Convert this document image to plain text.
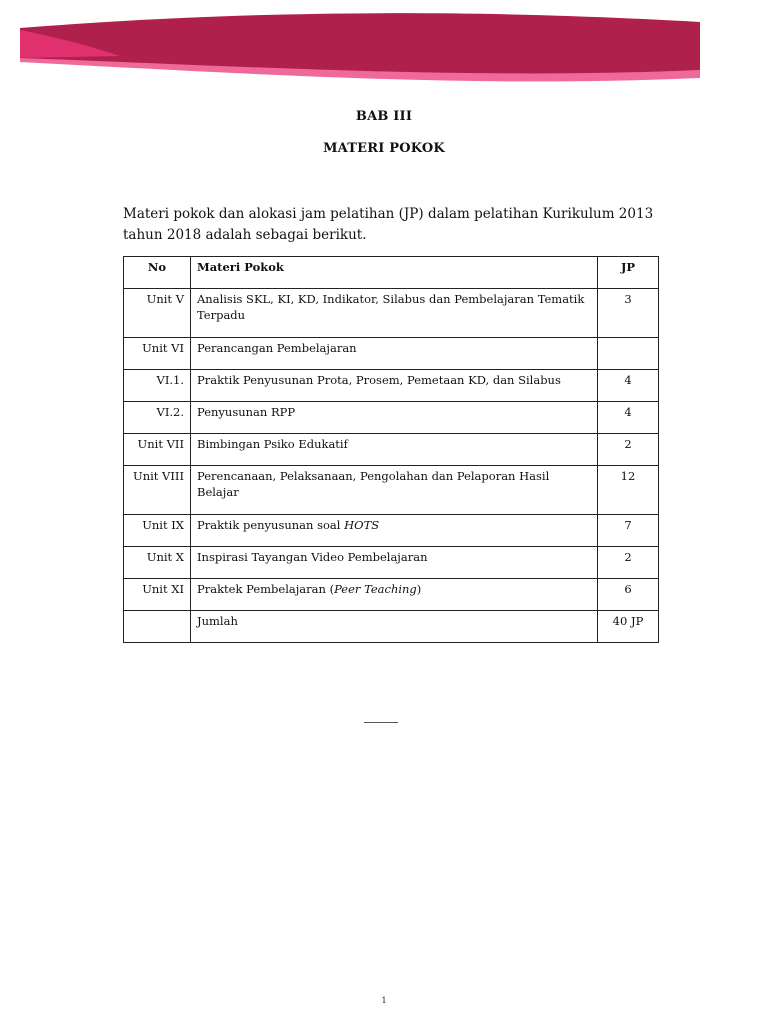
BAB III
MATERI POKOK

Materi pokok dan alokasi jam pelatihan (JP) dalam pelatihan Kurikulum 2013 tahun 2018 adalah sebagai berikut.

No	Materi Pokok	JP
Unit V	Analisis SKL, KI, KD, Indikator, Silabus dan Pembelajaran Tematik Terpadu	3
Unit VI	Perancangan Pembelajaran	
VI.1.	Praktik Penyusunan Prota, Prosem, Pemetaan KD, dan Silabus	4
VI.2.	Penyusunan RPP	4
Unit VII	Bimbingan Psiko Edukatif	2
Unit VIII	Perencanaan, Pelaksanaan, Pengolahan dan Pelaporan Hasil Belajar	12
Unit IX	Praktik penyusunan soal HOTS	7
Unit X	Inspirasi Tayangan Video Pembelajaran	2
Unit XI	Praktek Pembelajaran (Peer Teaching)	6
	Jumlah	40 JP
1
